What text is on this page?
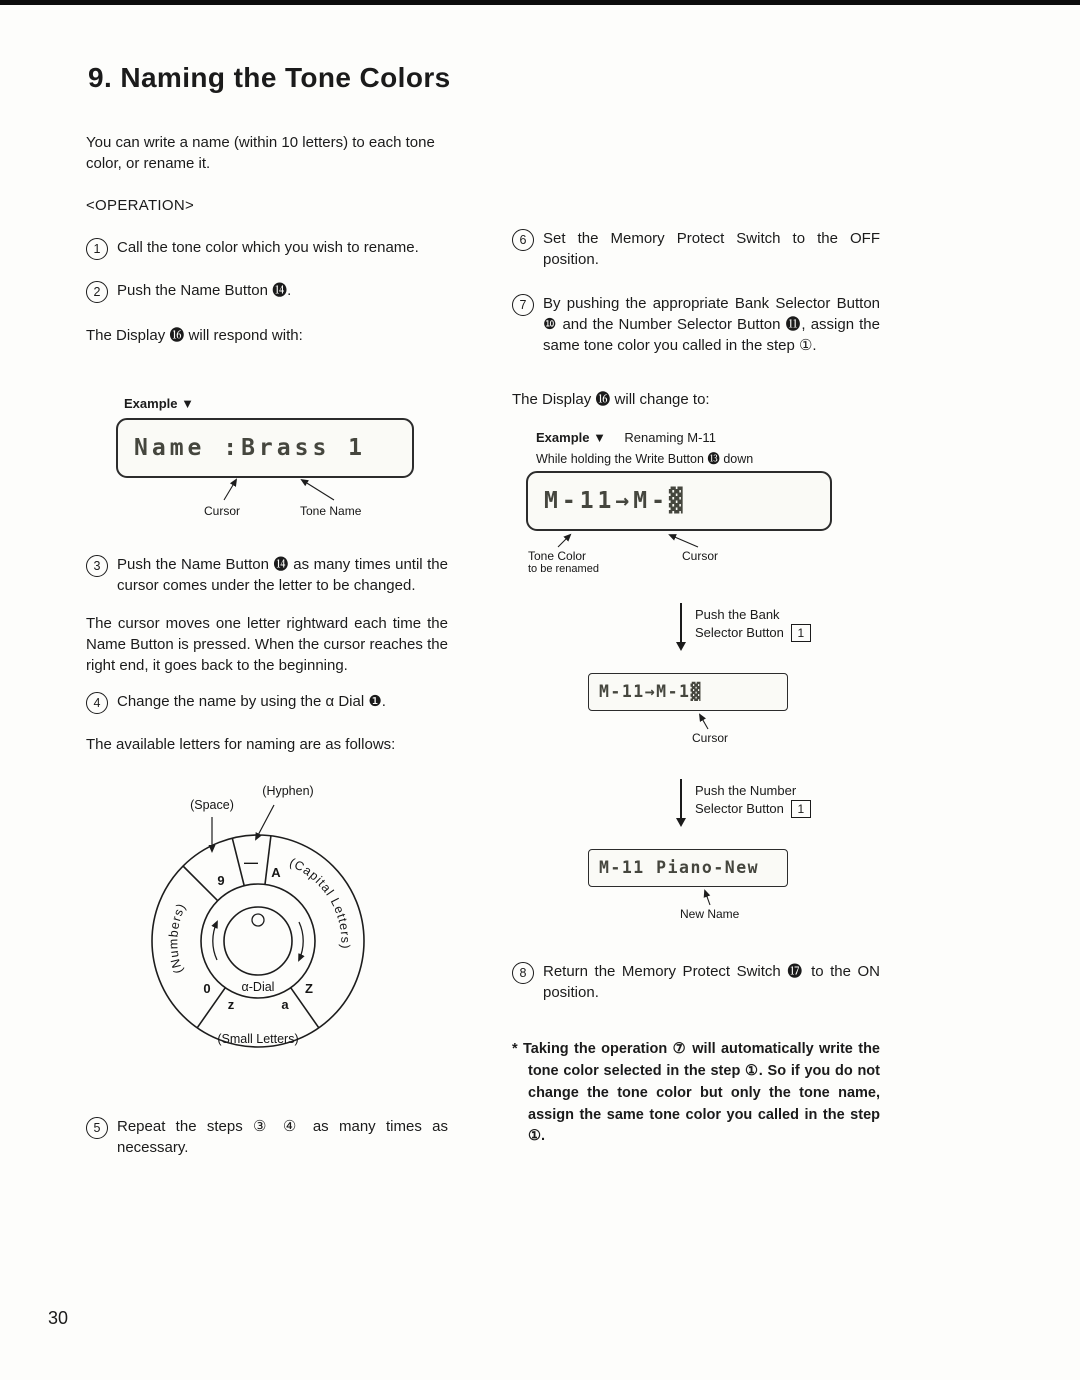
9. Naming the Tone Colors

You can write a name (within 10 letters) to each tone color, or rename it.

<OPERATION>

1	Call the tone color which you wish to rename.
2	Push the Name Button ⓮.

The Display ⓰ will respond with:

Example ▼
Name :Brass 1
Cursor	Tone Name
3	Push the Name Button ⓮ as many times until the cursor comes under the letter to be changed.

The cursor moves one letter rightward each time the Name Button is pressed. When the cursor reaches the right end, it goes back to the beginning.

4	Change the name by using the α Dial ❶.

The available letters for naming are as follows:

(Space)
(Hyphen)
9
—
A
Z
a
z
0 α-Dial
(Small Letters)
(Capital Letters)
(Numbers)
5	Repeat the steps ③ ④ as many times as necessary.
6	Set the Memory Protect Switch to the OFF position.
7	By pushing the appropriate Bank Selector Button ❿ and the Number Selector Button ⓫, assign the same tone color you called in the step ①.

The Display ⓰ will change to:

Example ▼ Renaming M-11
While holding the Write Button ⓭ down
M-11→M-▓
Tone Color
to be renamed
Cursor
Push the Bank
Selector Button 1
M-11→M-1▓
Cursor
Push the Number
Selector Button 1
M-11 Piano-New
New Name
8	Return the Memory Protect Switch ⓱ to the ON position.

* Taking the operation ⑦ will automatically write the tone color selected in the step ①. So if you do not change the tone color but only the tone name, assign the same tone color you called in the step ①.

30
